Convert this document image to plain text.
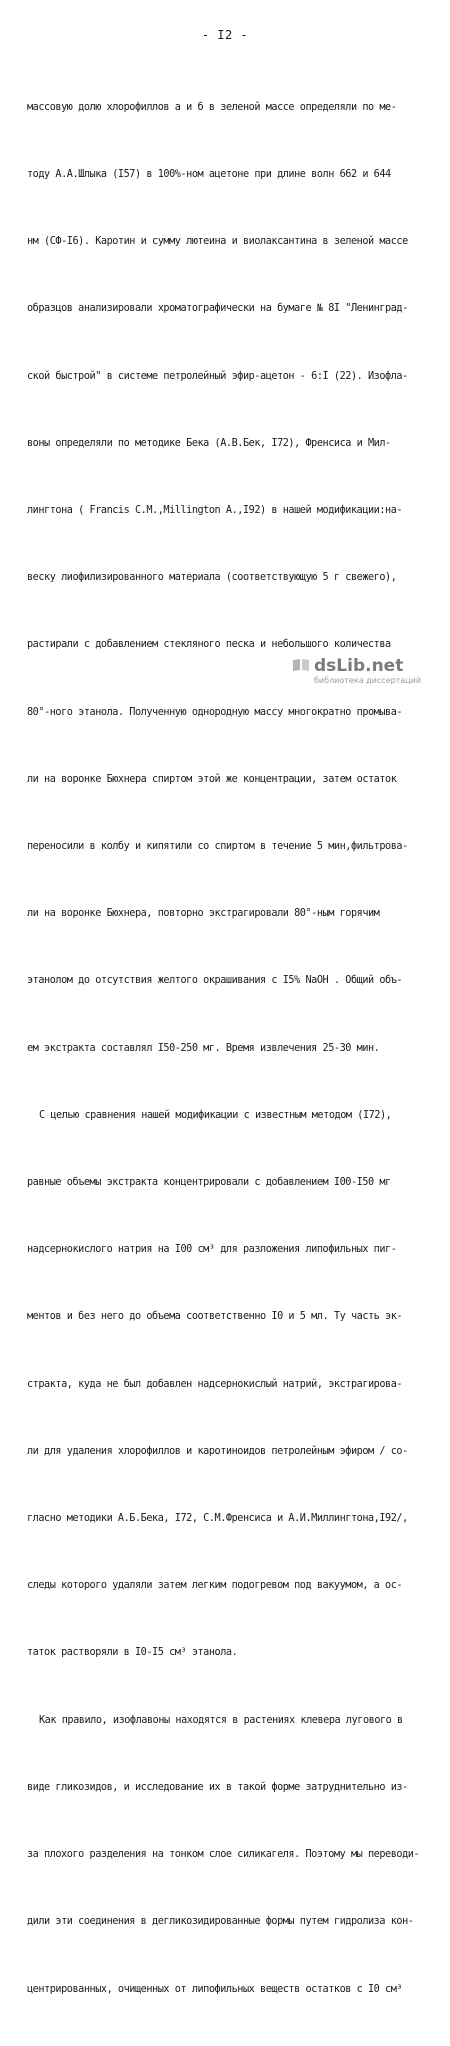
- I2 -

массовую долю хлорофиллов а и б в зеленой массе определяли по ме-

тоду А.А.Шлыка (I57) в 100%-ном ацетоне при длине волн 662 и 644

нм (СФ-I6). Каротин и сумму лютеина и виолаксантина в зеленой массе

образцов анализировали хроматографически на бумаге № 8I "Ленинград-

ской быстрой" в системе петролейный эфир-ацетон - 6:I (22). Изофла-

воны определяли по методике Бека (А.В.Бек, I72), Френсиса и Мил-

лингтона ( Francis C.M.,Millington A.,I92) в нашей модификации:на-

веску лиофилизированного материала (соответствующую 5 г свежего),

растирали с добавлением стекляного песка и небольшого количества

80°-ного этанола. Полученную однородную массу многократно промыва-

ли на воронке Бюхнера спиртом этой же концентрации, затем остаток

переносили в колбу и кипятили со спиртом в течение 5 мин,фильтрова-

ли на воронке Бюхнера, повторно экстрагировали 80°-ным горячим

этанолом до отсутствия желтого окрашивания с I5% NaOH . Общий объ-

ем экстракта составлял I50-250 мг. Время извлечения 25-30 мин.

С целью сравнения нашей модификации с известным методом (I72),

равные объемы экстракта концентрировали с добавлением I00-I50 мг

надсернокислого натрия на I00 см³ для разложения липофильных пиг-

ментов и без него до объема соответственно I0 и 5 мл. Ту часть эк-

стракта, куда не был добавлен надсернокислый натрий, экстрагирова-

ли для удаления хлорофиллов и каротиноидов петролейным эфиром / со-

гласно методики А.Б.Бека, I72, С.М.Френсиса и А.И.Миллингтона,I92/,

следы которого удаляли затем легким подогревом под вакуумом, а ос-

таток растворяли в I0-I5 см³ этанола.

Как правило, изофлавоны находятся в растениях клевера лугового в

виде гликозидов, и исследование их в такой форме затруднительно из-

за плохого разделения на тонком слое силикагеля. Поэтому мы переводи-

дили эти соединения в дегликозидированные формы путем гидролиза кон-

центрированных, очищенных от липофильных веществ остатков с I0 см³

dsLib.net
библиотека диссертаций
